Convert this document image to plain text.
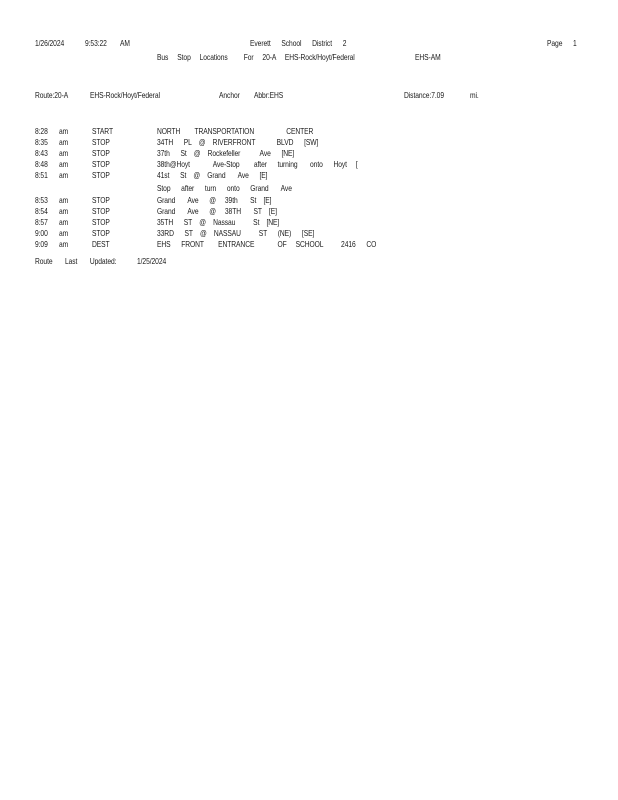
1/26/2024 9:53:22 AM	Everett      School      District      2	Page 1
Bus     Stop     Locations         For     20-A     EHS-Rock/Hoyt/Federal	EHS-AM
Route:20-A	EHS-Rock/Hoyt/Federal	Anchor Abbr:EHS	Distance:7.09	mi.
8:28 am	START	NORTH        TRANSPORTATION                  CENTER
8:35 am	STOP	34TH      PL    @    RIVERFRONT            BLVD      [SW]
8:43 am	STOP	37th      St    @    Rockefeller           Ave      [NE]
8:48 am	STOP	38th@Hoyt             Ave-Stop        after      turning       onto      Hoyt     [
8:51 am	STOP	41st      St    @    Grand       Ave      [E]
Stop      after      turn      onto      Grand       Ave
8:53 am	STOP	Grand       Ave      @     39th       St    [E]
8:54 am	STOP	Grand       Ave      @     38TH       ST    [E]
8:57 am	STOP	35TH      ST    @    Nassau          St    [NE]
9:00 am	STOP	33RD      ST    @    NASSAU          ST      (NE)      [SE]
9:09 am	DEST	EHS      FRONT        ENTRANCE             OF     SCHOOL          2416      CO
Route       Last       Updated: 1/25/2024
